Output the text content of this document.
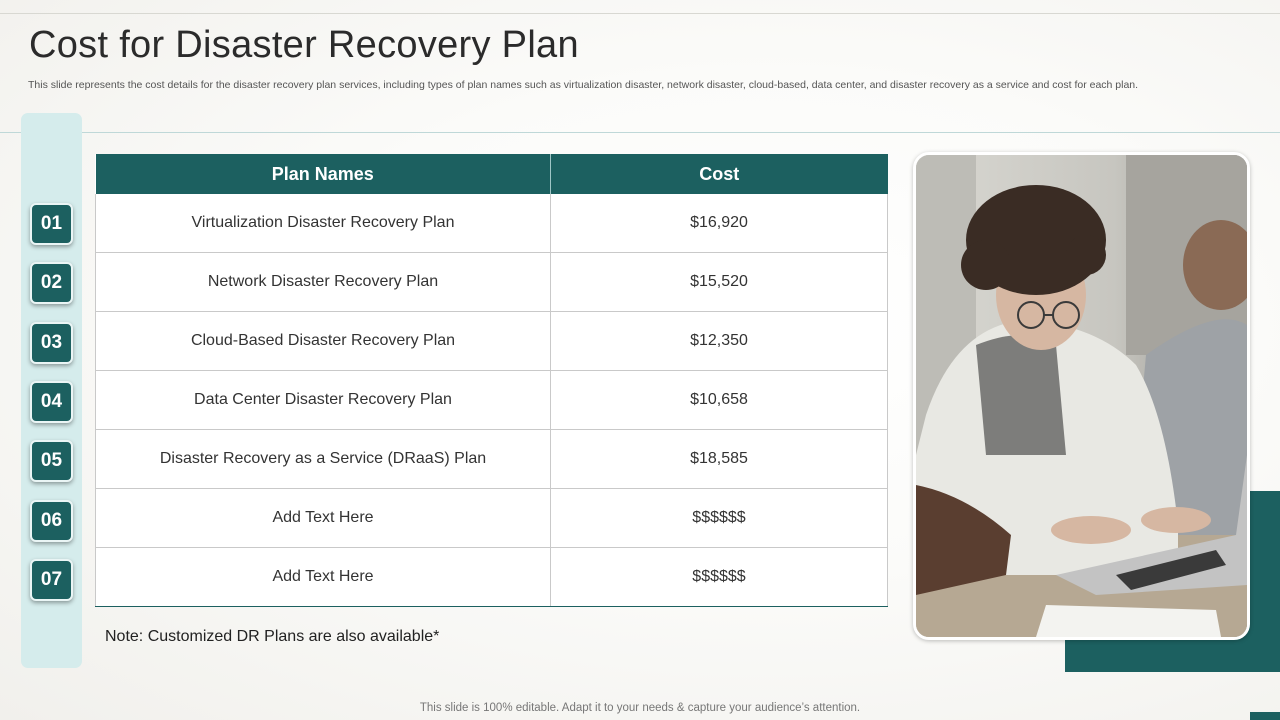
Cost for Disaster Recovery Plan

This slide represents the cost details for the disaster recovery plan services, including types of plan names such as virtualization disaster, network disaster, cloud-based, data center, and disaster recovery as a service and cost for each plan.

01
02
03
04
05
06
07
Plan Names	Cost
Virtualization Disaster Recovery Plan	$16,920
Network Disaster Recovery Plan	$15,520
Cloud-Based Disaster Recovery Plan	$12,350
Data Center Disaster Recovery Plan	$10,658
Disaster Recovery as a Service (DRaaS) Plan	$18,585
Add Text Here	$$$$$$
Add Text Here	$$$$$$

Note: Customized DR Plans are also available*

This slide is 100% editable. Adapt it to your needs & capture your audience’s attention.
